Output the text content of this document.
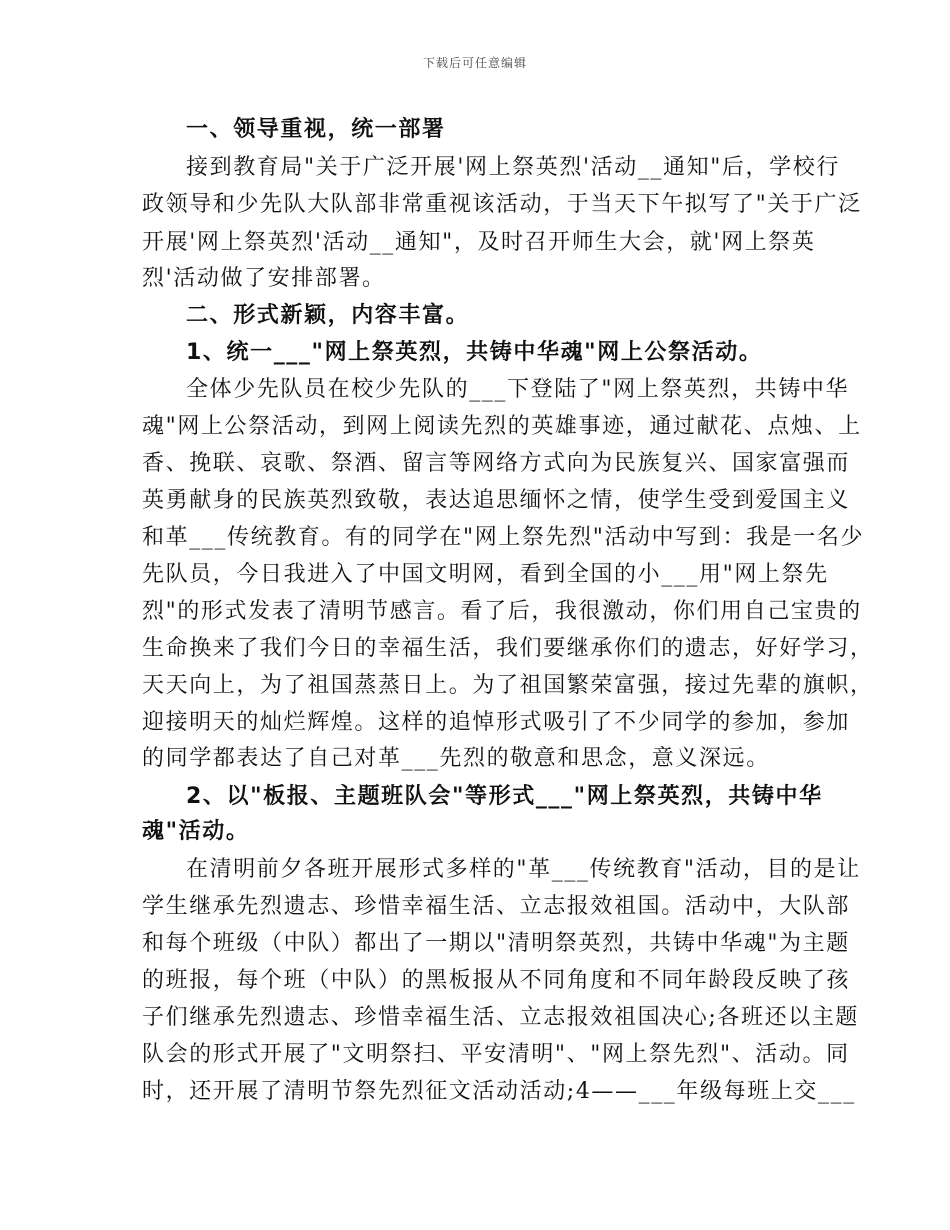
下载后可任意编辑
一、领导重视，统一部署
接到教育局"关于广泛开展'网上祭英烈'活动__通知"后，学校行
政领导和少先队大队部非常重视该活动，于当天下午拟写了"关于广泛
开展'网上祭英烈'活动__通知"，及时召开师生大会，就'网上祭英
烈'活动做了安排部署。
二、形式新颖，内容丰富。
1、统一___"网上祭英烈，共铸中华魂"网上公祭活动。
全体少先队员在校少先队的___下登陆了"网上祭英烈，共铸中华
魂"网上公祭活动，到网上阅读先烈的英雄事迹，通过献花、点烛、上
香、挽联、哀歌、祭酒、留言等网络方式向为民族复兴、国家富强而
英勇献身的民族英烈致敬，表达追思缅怀之情，使学生受到爱国主义
和革___传统教育。有的同学在"网上祭先烈"活动中写到：我是一名少
先队员，今日我进入了中国文明网，看到全国的小___用"网上祭先
烈"的形式发表了清明节感言。看了后，我很激动，你们用自己宝贵的
生命换来了我们今日的幸福生活，我们要继承你们的遗志，好好学习，
天天向上，为了祖国蒸蒸日上。为了祖国繁荣富强，接过先辈的旗帜，
迎接明天的灿烂辉煌。这样的追悼形式吸引了不少同学的参加，参加
的同学都表达了自己对革___先烈的敬意和思念，意义深远。
2、以"板报、主题班队会"等形式___"网上祭英烈，共铸中华
魂"活动。
在清明前夕各班开展形式多样的"革___传统教育"活动，目的是让
学生继承先烈遗志、珍惜幸福生活、立志报效祖国。活动中，大队部
和每个班级（中队）都出了一期以"清明祭英烈，共铸中华魂"为主题
的班报，每个班（中队）的黑板报从不同角度和不同年龄段反映了孩
子们继承先烈遗志、珍惜幸福生活、立志报效祖国决心;各班还以主题
队会的形式开展了"文明祭扫、平安清明"、"网上祭先烈"、活动。同
时，还开展了清明节祭先烈征文活动活动;4——___年级每班上交___
